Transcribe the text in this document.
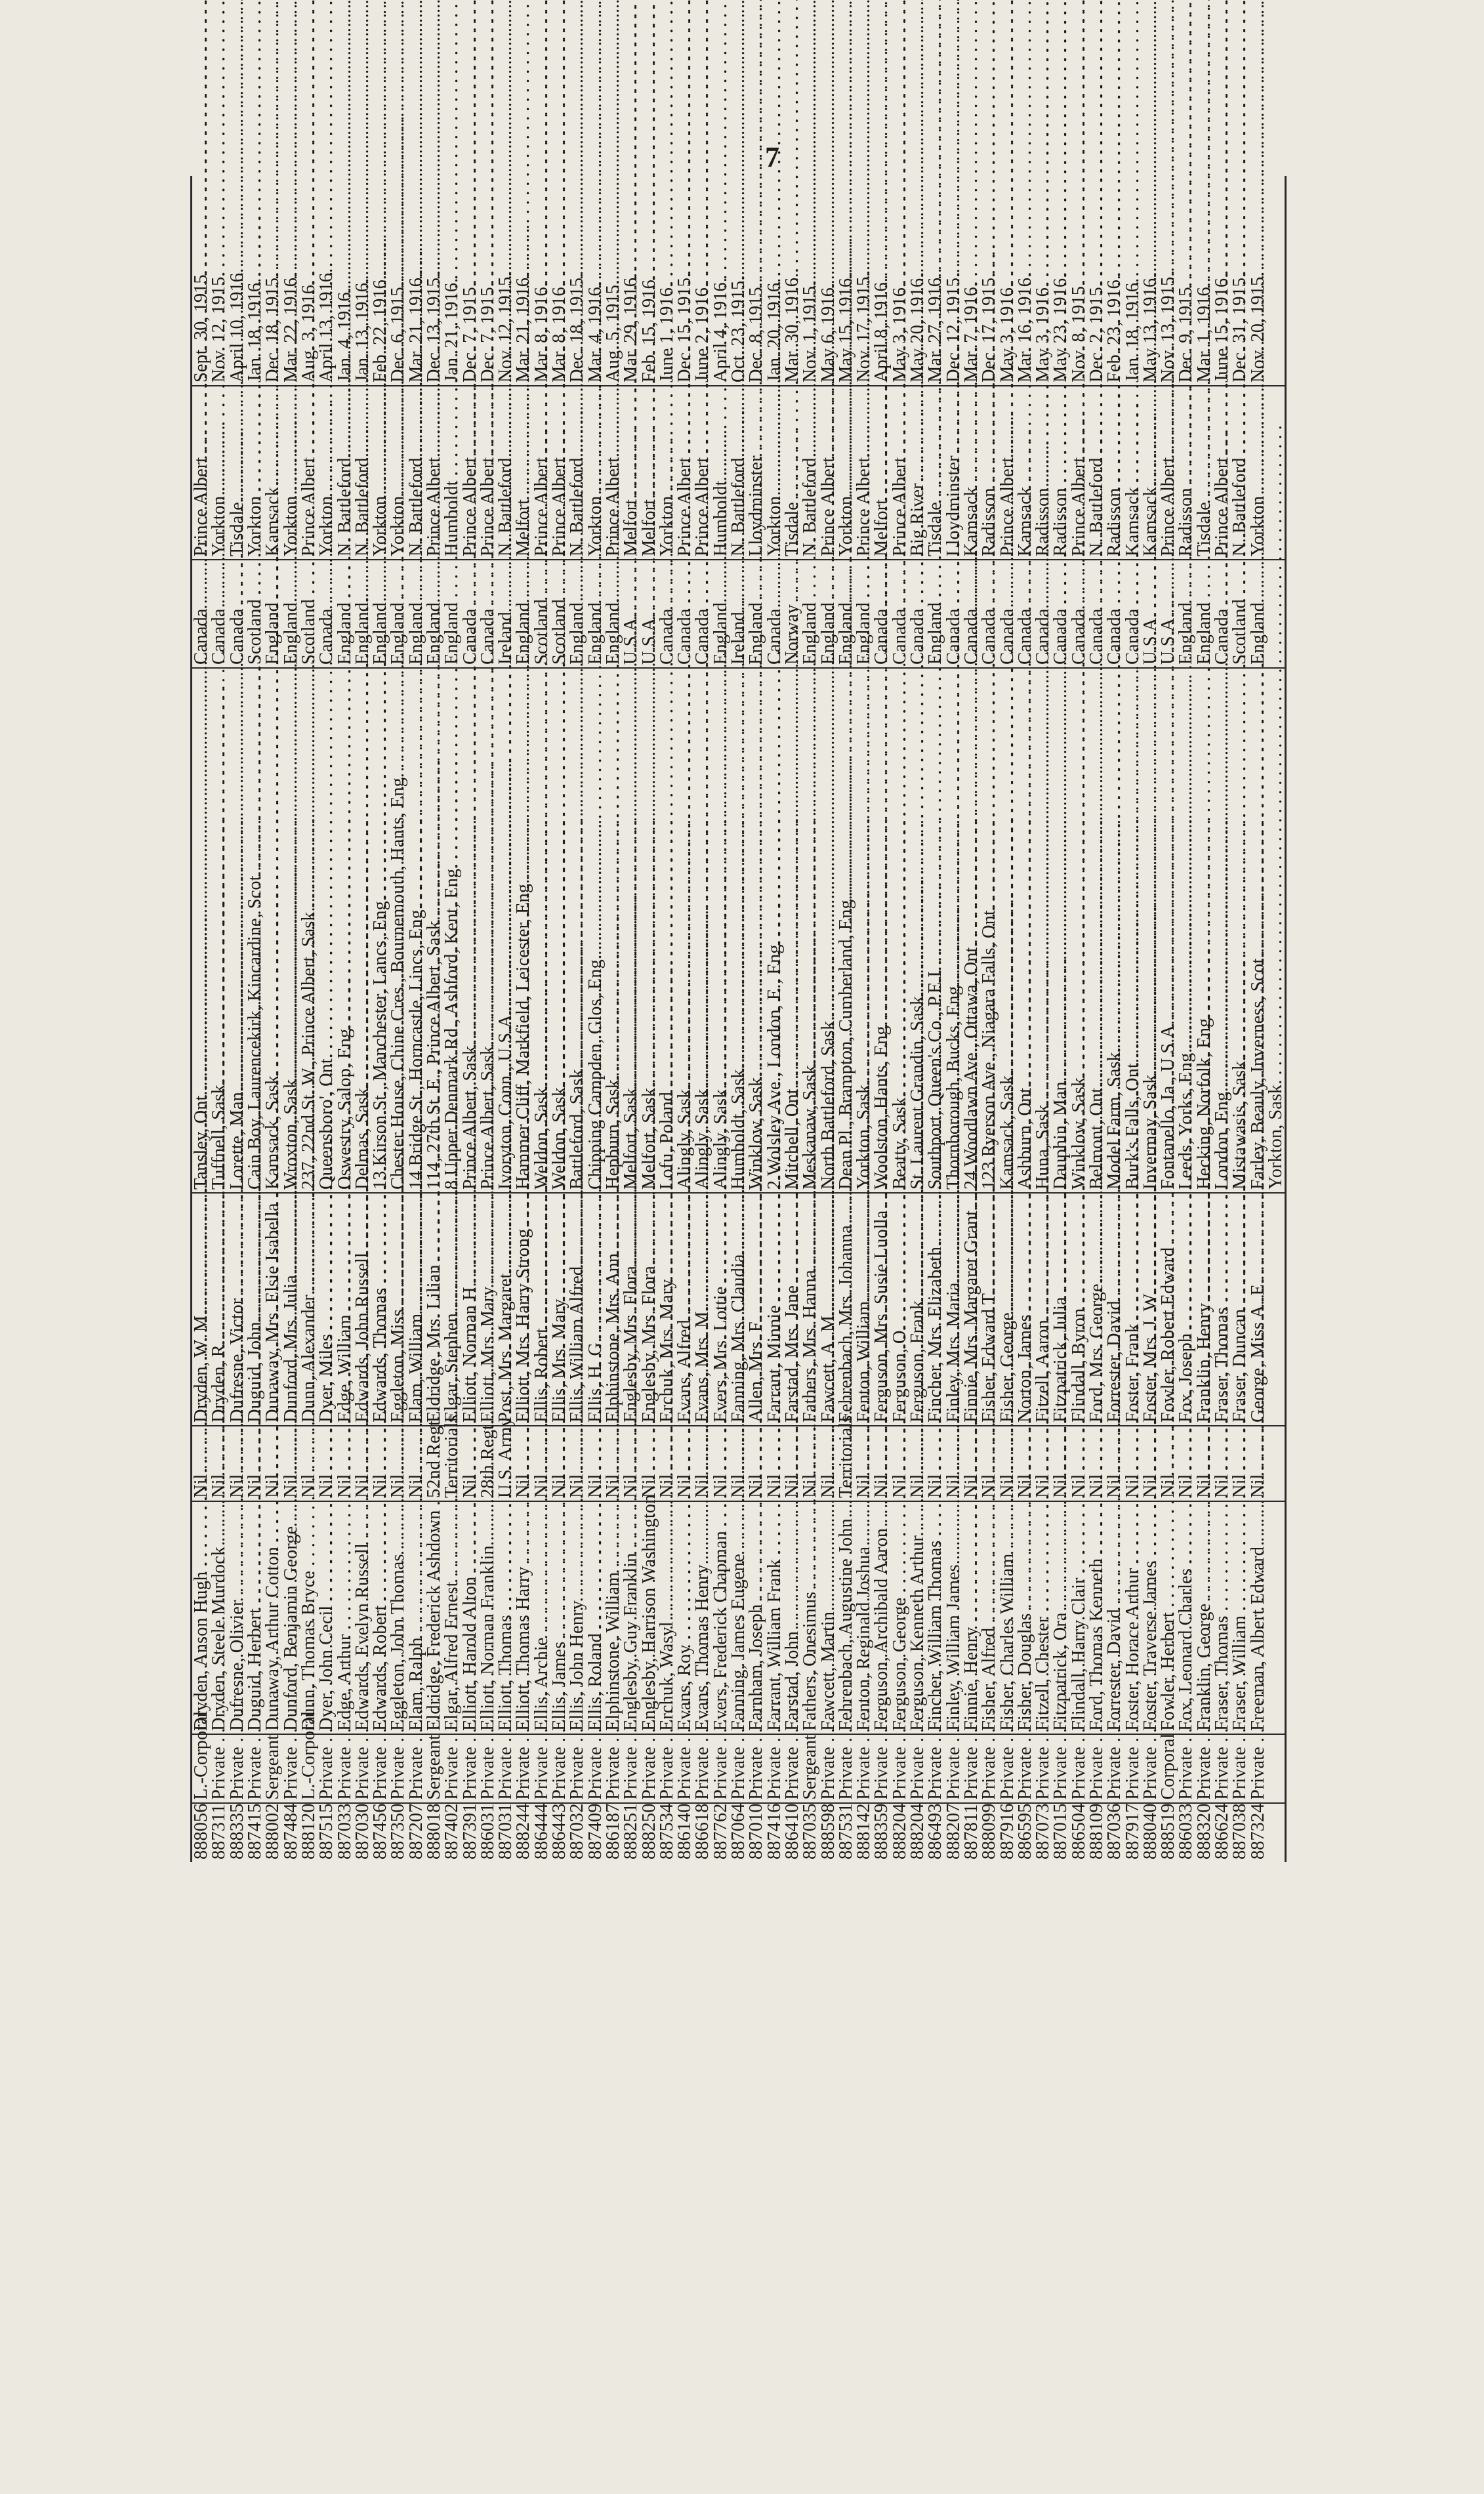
7
888056	L.-Corporal . . .	Dryden, Anson Hugh . . .	Nil . . .	Dryden, W. M. . . .	Tansley, Ont. . . .	Canada . . .	Prince Albert . . .	Sept. 30, 1915.
887311	Private . . .	Dryden, Steele Murdock . . .	Nil . . .	Dryden, R. . . .	Tuffnell, Sask. . . .	Canada . . .	Yorkton . . .	Nov. 12, 1915.
888335	Private . . .	Dufresne, Olivier . . .	Nil . . .	Dufresne, Victor . . .	Lorette, Man. . . .	Canada . . .	Tisdale . . .	April 10, 1916.
887415	Private . . .	Duguid, Herbert . . .	Nil . . .	Duguid, John . . .	Cain Boy, Laurencekirk, Kincardine, Scot. . . .	Scotland . . .	Yorkton . . .	Jan. 18, 1916.
888002	Sergeant . . .	Dunaway, Arthur Cotton . . .	Nil . . .	Dunaway, Mrs. Elsie Isabella . . .	Kamsack, Sask. . . .	England . . .	Kamsack . . .	Dec. 18, 1915.
887484	Private . . .	Dunford, Benjamin George . . .	Nil . . .	Dunford, Mrs. Julia . . .	Wroxton, Sask. . . .	England . . .	Yorkton . . .	Mar. 22, 1916.
888120	L.-Corporal . . .	Dunn, Thomas Bryce . . .	Nil . . .	Dunn, Alexander . . .	237, 22nd St. W., Prince Albert, Sask. . . .	Scotland . . .	Prince Albert . . .	Aug. 3, 1916.
887515	Private . . .	Dyer, John Cecil . . .	Nil . . .	Dyer, Miles . . .	Queensboro', Ont. . . .	Canada . . .	Yorkton . . .	April 13, 1916.
887033	Private . . .	Edge, Arthur . . .	Nil . . .	Edge, William . . .	Oswestry, Salop, Eng. . . .	England . . .	N. Battleford . . .	Jan. 4, 1916.
887030	Private . . .	Edwards, Evelyn Russell . . .	Nil . . .	Edwards, John Russell . . .	Delmas, Sask. . . .	England . . .	N. Battleford . . .	Jan. 13, 1916.
887456	Private . . .	Edwards, Robert . . .	Nil . . .	Edwards, Thomas . . .	13 Kirson St., Manchester, Lancs, Eng. . . .	England . . .	Yorkton . . .	Feb. 22, 1916.
887350	Private . . .	Eggleton, John Thomas . . .	Nil . . .	Eggleton, Miss . . .	Chester House, Chine Cres., Bournemouth, Hants, Eng. . . .	England . . .	Yorkton . . .	Dec. 6, 1915.
887207	Private . . .	Elam, Ralph . . .	Nil . . .	Elam, William . . .	14 Bridge St., Horncastle, Lincs, Eng. . . .	England . . .	N. Battleford . . .	Mar. 21, 1916.
888018	Sergeant . . .	Eldridge, Frederick Ashdown . . .	52nd Regt. . . .	Eldridge, Mrs. Lilian . . .	114, 27th St. E., Prince Albert, Sask. . . .	England . . .	Prince Albert . . .	Dec. 13, 1915.
887402	Private . . .	Elgar, Alfred Ernest . . .	Territorials . . .	Elgar, Stephen . . .	8 Upper Denmark Rd., Ashford, Kent, Eng. . . .	England . . .	Humboldt . . .	Jan. 21, 1916.
887391	Private . . .	Elliott, Harold Alton . . .	Nil . . .	Elliott, Norman H. . . .	Prince Albert, Sask. . . .	Canada . . .	Prince Albert . . .	Dec. 7, 1915.
886031	Private . . .	Elliott, Norman Franklin . . .	28th Regt. . . .	Elliott, Mrs. Mary . . .	Prince Albert, Sask. . . .	Canada . . .	Prince Albert . . .	Dec. 7, 1915.
887031	Private . . .	Elliott, Thomas . . .	U.S. Army . . .	Post, Mrs. Margaret . . .	Ivoryton, Conn., U.S.A. . . .	Ireland . . .	N. Battleford . . .	Nov. 12, 1915.
888244	Private . . .	Elliott, Thomas Harry . . .	Nil . . .	Elliott, Mrs. Harry Strong . . .	Hammer Cliff, Markfield, Leicester, Eng. . . .	England . . .	Melfort . . .	Mar. 21, 1916.
886444	Private . . .	Ellis, Archie . . .	Nil . . .	Ellis, Robert . . .	Weldon, Sask. . . .	Scotland . . .	Prince Albert . . .	Mar. 8, 1916.
886443	Private . . .	Ellis, James . . .	Nil . . .	Ellis, Mrs. Mary . . .	Weldon, Sask. . . .	Scotland . . .	Prince Albert . . .	Mar. 8, 1916.
887032	Private . . .	Ellis, John Henry . . .	Nil . . .	Ellis, William Alfred . . .	Battleford, Sask. . . .	England . . .	N. Battleford . . .	Dec. 18, 1915.
887409	Private . . .	Ellis, Roland . . .	Nil . . .	Ellis, H. G. . . .	Chipping Campden, Glos, Eng. . . .	England . . .	Yorkton . . .	Mar. 4, 1916.
886187	Private . . .	Elphinstone, William . . .	Nil . . .	Elphinstone, Mrs. Ann . . .	Hepburn, Sask. . . .	England . . .	Prince Albert . . .	Aug. 5, 1915.
888251	Private . . .	Englesby, Guy Franklin . . .	Nil . . .	Englesby, Mrs. Flora . . .	Melfort, Sask. . . .	U.S.A. . . .	Melfort . . .	Mar. 29, 1916.
888250	Private . . .	Englesby, Harrison Washington . . .	Nil . . .	Englesby, Mrs. Flora . . .	Melfort, Sask. . . .	U.S.A. . . .	Melfort . . .	Feb. 15, 1916.
887534	Private . . .	Erchuk, Wasyl . . .	Nil . . .	Erchuk, Mrs. Mary . . .	Lofu, Poland . . .	Canada . . .	Yorkton . . .	June 1, 1916.
886140	Private . . .	Evans, Roy . . .	Nil . . .	Evans, Alfred . . .	Alingly, Sask. . . .	Canada . . .	Prince Albert . . .	Dec. 15, 1915.
886618	Private . . .	Evans, Thomas Henry . . .	Nil . . .	Evans, Mrs. M. . . .	Alingly, Sask. . . .	Canada . . .	Prince Albert . . .	June 2, 1916.
887762	Private . . .	Evers, Frederick Chapman . . .	Nil . . .	Evers, Mrs. Lottie . . .	Alingly, Sask. . . .	England . . .	Humboldt . . .	April 4, 1916.
887064	Private . . .	Fanning, James Eugene . . .	Nil . . .	Fanning, Mrs. Claudia . . .	Humboldt, Sask. . . .	Ireland . . .	N. Battleford . . .	Oct. 23, 1915.
887010	Private . . .	Farnham, Joseph . . .	Nil . . .	Allen, Mrs. F. . . .	Winklow, Sask. . . .	England . . .	Lloydminster . . .	Dec. 8, 1915.
887416	Private . . .	Farrant, William Frank . . .	Nil . . .	Farrant, Minnie . . .	2 Wolsley Ave., London, E., Eng. . . .	Canada . . .	Yorkton . . .	Jan. 20, 1916.
886410	Private . . .	Farstad, John . . .	Nil . . .	Farstad, Mrs. Jane . . .	Mitchell, Ont. . . .	Norway . . .	Tisdale . . .	Mar. 30, 1916.
887035	Sergeant . . .	Fathers, Onesimus . . .	Nil . . .	Fathers, Mrs. Hanna . . .	Meskanaw, Sask. . . .	England . . .	N. Battleford . . .	Nov. 1, 1915.
888598	Private . . .	Fawcett, Martin . . .	Nil . . .	Fawcett, A. M. . . .	North Battleford, Sask. . . .	England . . .	Prince Albert . . .	May 6, 1916.
887531	Private . . .	Fehrenbach, Augustine John . . .	Territorials . . .	Fehrenbach, Mrs. Johanna . . .	Dean Pl., Brampton, Cumberland, Eng. . . .	England . . .	Yorkton . . .	May 15, 1916.
888142	Private . . .	Fenton, Reginald Joshua . . .	Nil . . .	Fenton, William . . .	Yorkton, Sask. . . .	England . . .	Prince Albert . . .	Nov. 17, 1915.
888359	Private . . .	Ferguson, Archibald Aaron . . .	Nil . . .	Ferguson, Mrs. Susie Luolla . . .	Woolston, Hants, Eng. . . .	Canada . . .	Melfort . . .	April 8, 1916.
888204	Private . . .	Ferguson, George . . .	Nil . . .	Ferguson, O. . . .	Beatty, Sask. . . .	Canada . . .	Prince Albert . . .	May 3, 1916.
888204	Private . . .	Ferguson, Kenneth Arthur . . .	Nil . . .	Ferguson, Frank . . .	St. Laurent Grandin, Sask. . . .	Canada . . .	Big River . . .	May 20, 1916.
886493	Private . . .	Fincher, William Thomas . . .	Nil . . .	Fincher, Mrs. Elizabeth . . .	Southport, Queen's Co., P.E.I. . . .	England . . .	Tisdale . . .	Mar. 27, 1916.
888207	Private . . .	Finley, William James . . .	Nil . . .	Finley, Mrs. Maria . . .	Thornborough, Bucks, Eng. . . .	Canada . . .	Lloydminster . . .	Dec. 12, 1915.
887811	Private . . .	Finnie, Henry . . .	Nil . . .	Finnie, Mrs. Margaret Grant . . .	24 Woodlawn Ave., Ottawa, Ont. . . .	Canada . . .	Kamsack . . .	Mar. 7, 1916.
888099	Private . . .	Fisher, Alfred . . .	Nil . . .	Fisher, Edward T. . . .	123 Ryerson Ave., Niagara Falls, Ont. . . .	Canada . . .	Radisson . . .	Dec. 17, 1915.
887916	Private . . .	Fisher, Charles William . . .	Nil . . .	Fisher, George . . .	Kamsack, Sask. . . .	Canada . . .	Prince Albert . . .	May 3, 1916.
886595	Private . . .	Fisher, Douglas . . .	Nil . . .	Norton, James . . .	Ashburn, Ont. . . .	Canada . . .	Kamsack . . .	Mar. 16, 1916.
887073	Private . . .	Fitzell, Chester . . .	Nil . . .	Fitzell, Aaron . . .	Huna, Sask. . . .	Canada . . .	Radisson . . .	May 3, 1916.
887015	Private . . .	Fitzpatrick, Ora . . .	Nil . . .	Fitzpatrick, Julia . . .	Dauphin, Man. . . .	Canada . . .	Radisson . . .	May 23, 1916.
886504	Private . . .	Flindall, Harry Clair . . .	Nil . . .	Flindall, Byron . . .	Winklow, Sask. . . .	Canada . . .	Prince Albert . . .	Nov. 8, 1915.
888109	Private . . .	Ford, Thomas Kenneth . . .	Nil . . .	Ford, Mrs. George . . .	Belmont, Ont. . . .	Canada . . .	N. Battleford . . .	Dec. 2, 1915.
887036	Private . . .	Forrester, David . . .	Nil . . .	Forrester, David . . .	Model Farm, Sask. . . .	Canada . . .	Radisson . . .	Feb. 23, 1916.
887917	Private . . .	Foster, Horace Arthur . . .	Nil . . .	Foster, Frank . . .	Burk's Falls, Ont. . . .	Canada . . .	Kamsack . . .	Jan. 18, 1916.
888040	Private . . .	Foster, Traverse James . . .	Nil . . .	Foster, Mrs. J. W. . . .	Invermay, Sask. . . .	U.S.A. . . .	Kamsack . . .	May 13, 1916.
888519	Corporal . . .	Fowler, Herbert . . .	Nil . . .	Fowler, Robert Edward . . .	Fontanello, Ia., U.S.A. . . .	U.S.A. . . .	Prince Albert . . .	Nov. 13, 1915.
886033	Private . . .	Fox, Leonard Charles . . .	Nil . . .	Fox, Joseph . . .	Leeds, Yorks, Eng. . . .	England . . .	Radisson . . .	Dec. 9, 1915.
888320	Private . . .	Franklin, George . . .	Nil . . .	Franklin, Henry . . .	Hecking, Norfolk, Eng. . . .	England . . .	Tisdale . . .	Mar. 1, 1916.
886624	Private . . .	Fraser, Thomas . . .	Nil . . .	Fraser, Thomas . . .	London, Eng. . . .	Canada . . .	Prince Albert . . .	June 15, 1916.
887038	Private . . .	Fraser, William . . .	Nil . . .	Fraser, Duncan . . .	Mistawasis, Sask. . . .	Scotland . . .	N. Battleford . . .	Dec. 31, 1915.
887324	Private . . .	Freeman, Albert Edward . . .	Nil . . .	George, Miss A. E. . . .	Farley, Beauly, Inverness, Scot. . . .	England . . .	Yorkton . . .	Nov. 20, 1915.
					Yorkton, Sask. . . .			
